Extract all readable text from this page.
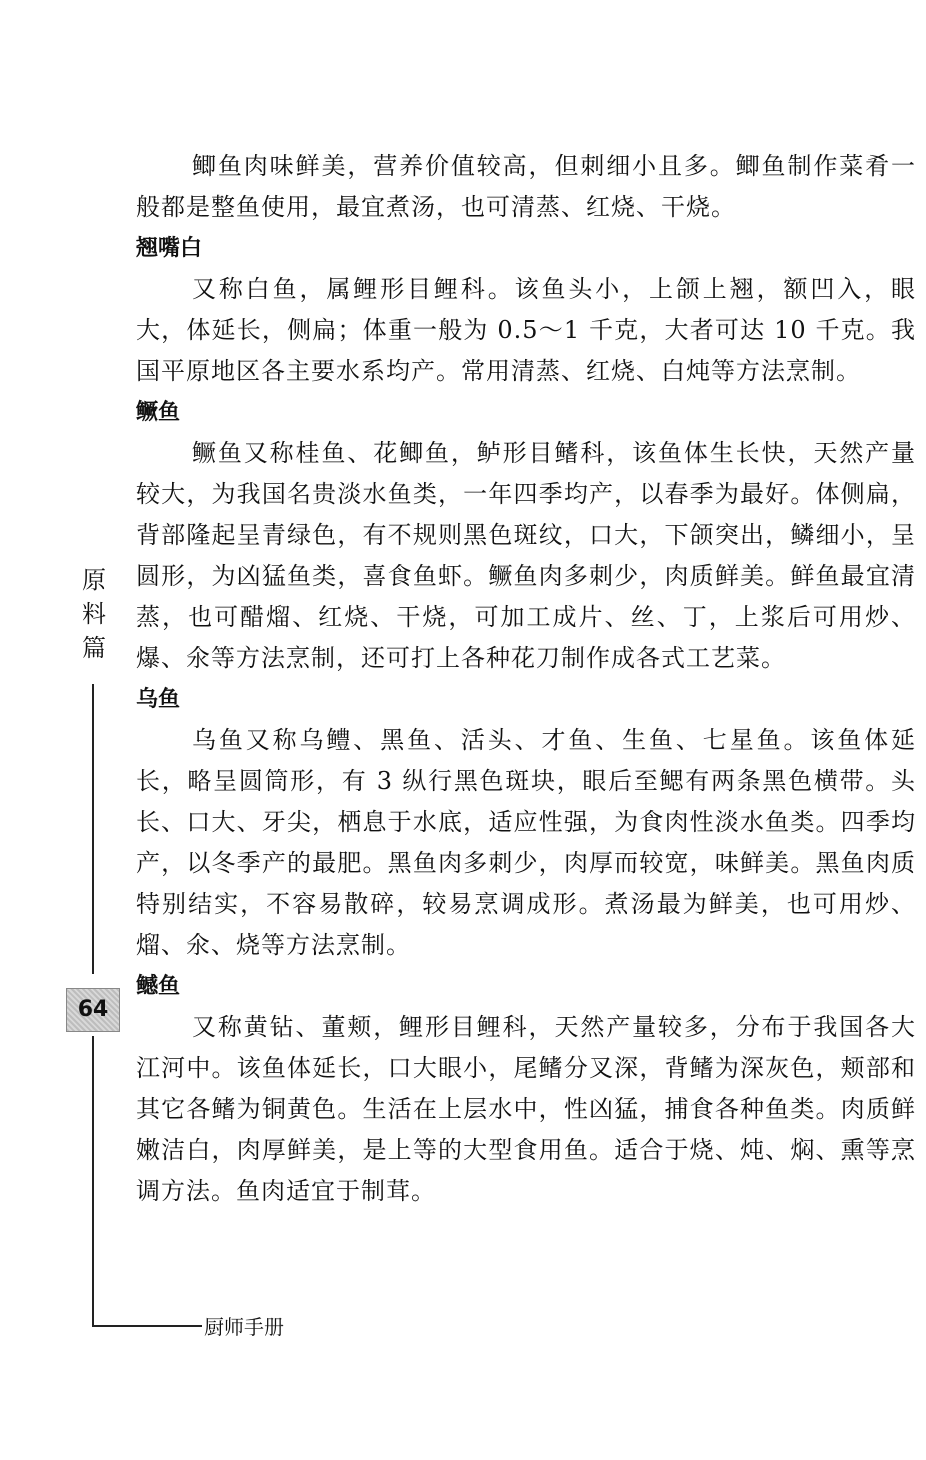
鲫鱼肉味鲜美，营养价值较高，但刺细小且多。鲫鱼制作菜肴一般都是整鱼使用，最宜煮汤，也可清蒸、红烧、干烧。

翘嘴白

又称白鱼，属鲤形目鲤科。该鱼头小，上颌上翘，额凹入，眼大，体延长，侧扁；体重一般为 0.5～1 千克，大者可达 10 千克。我国平原地区各主要水系均产。常用清蒸、红烧、白炖等方法烹制。

鳜鱼

鳜鱼又称桂鱼、花鲫鱼，鲈形目鳍科，该鱼体生长快，天然产量较大，为我国名贵淡水鱼类，一年四季均产，以春季为最好。体侧扁，背部隆起呈青绿色，有不规则黑色斑纹，口大，下颌突出，鳞细小，呈圆形，为凶猛鱼类，喜食鱼虾。鳜鱼肉多刺少，肉质鲜美。鲜鱼最宜清蒸，也可醋熘、红烧、干烧，可加工成片、丝、丁，上浆后可用炒、爆、氽等方法烹制，还可打上各种花刀制作成各式工艺菜。

乌鱼

乌鱼又称乌鳢、黑鱼、活头、才鱼、生鱼、七星鱼。该鱼体延长，略呈圆筒形，有 3 纵行黑色斑块，眼后至鳃有两条黑色横带。头长、口大、牙尖，栖息于水底，适应性强，为食肉性淡水鱼类。四季均产，以冬季产的最肥。黑鱼肉多刺少，肉厚而较宽，味鲜美。黑鱼肉质特别结实，不容易散碎，较易烹调成形。煮汤最为鲜美，也可用炒、熘、氽、烧等方法烹制。

鳡鱼

又称黄钻、董颊，鲤形目鲤科，天然产量较多，分布于我国各大江河中。该鱼体延长，口大眼小，尾鳍分叉深，背鳍为深灰色，颊部和其它各鳍为铜黄色。生活在上层水中，性凶猛，捕食各种鱼类。肉质鲜嫩洁白，肉厚鲜美，是上等的大型食用鱼。适合于烧、炖、焖、熏等烹调方法。鱼肉适宜于制茸。

原
料
篇
64
厨师手册
